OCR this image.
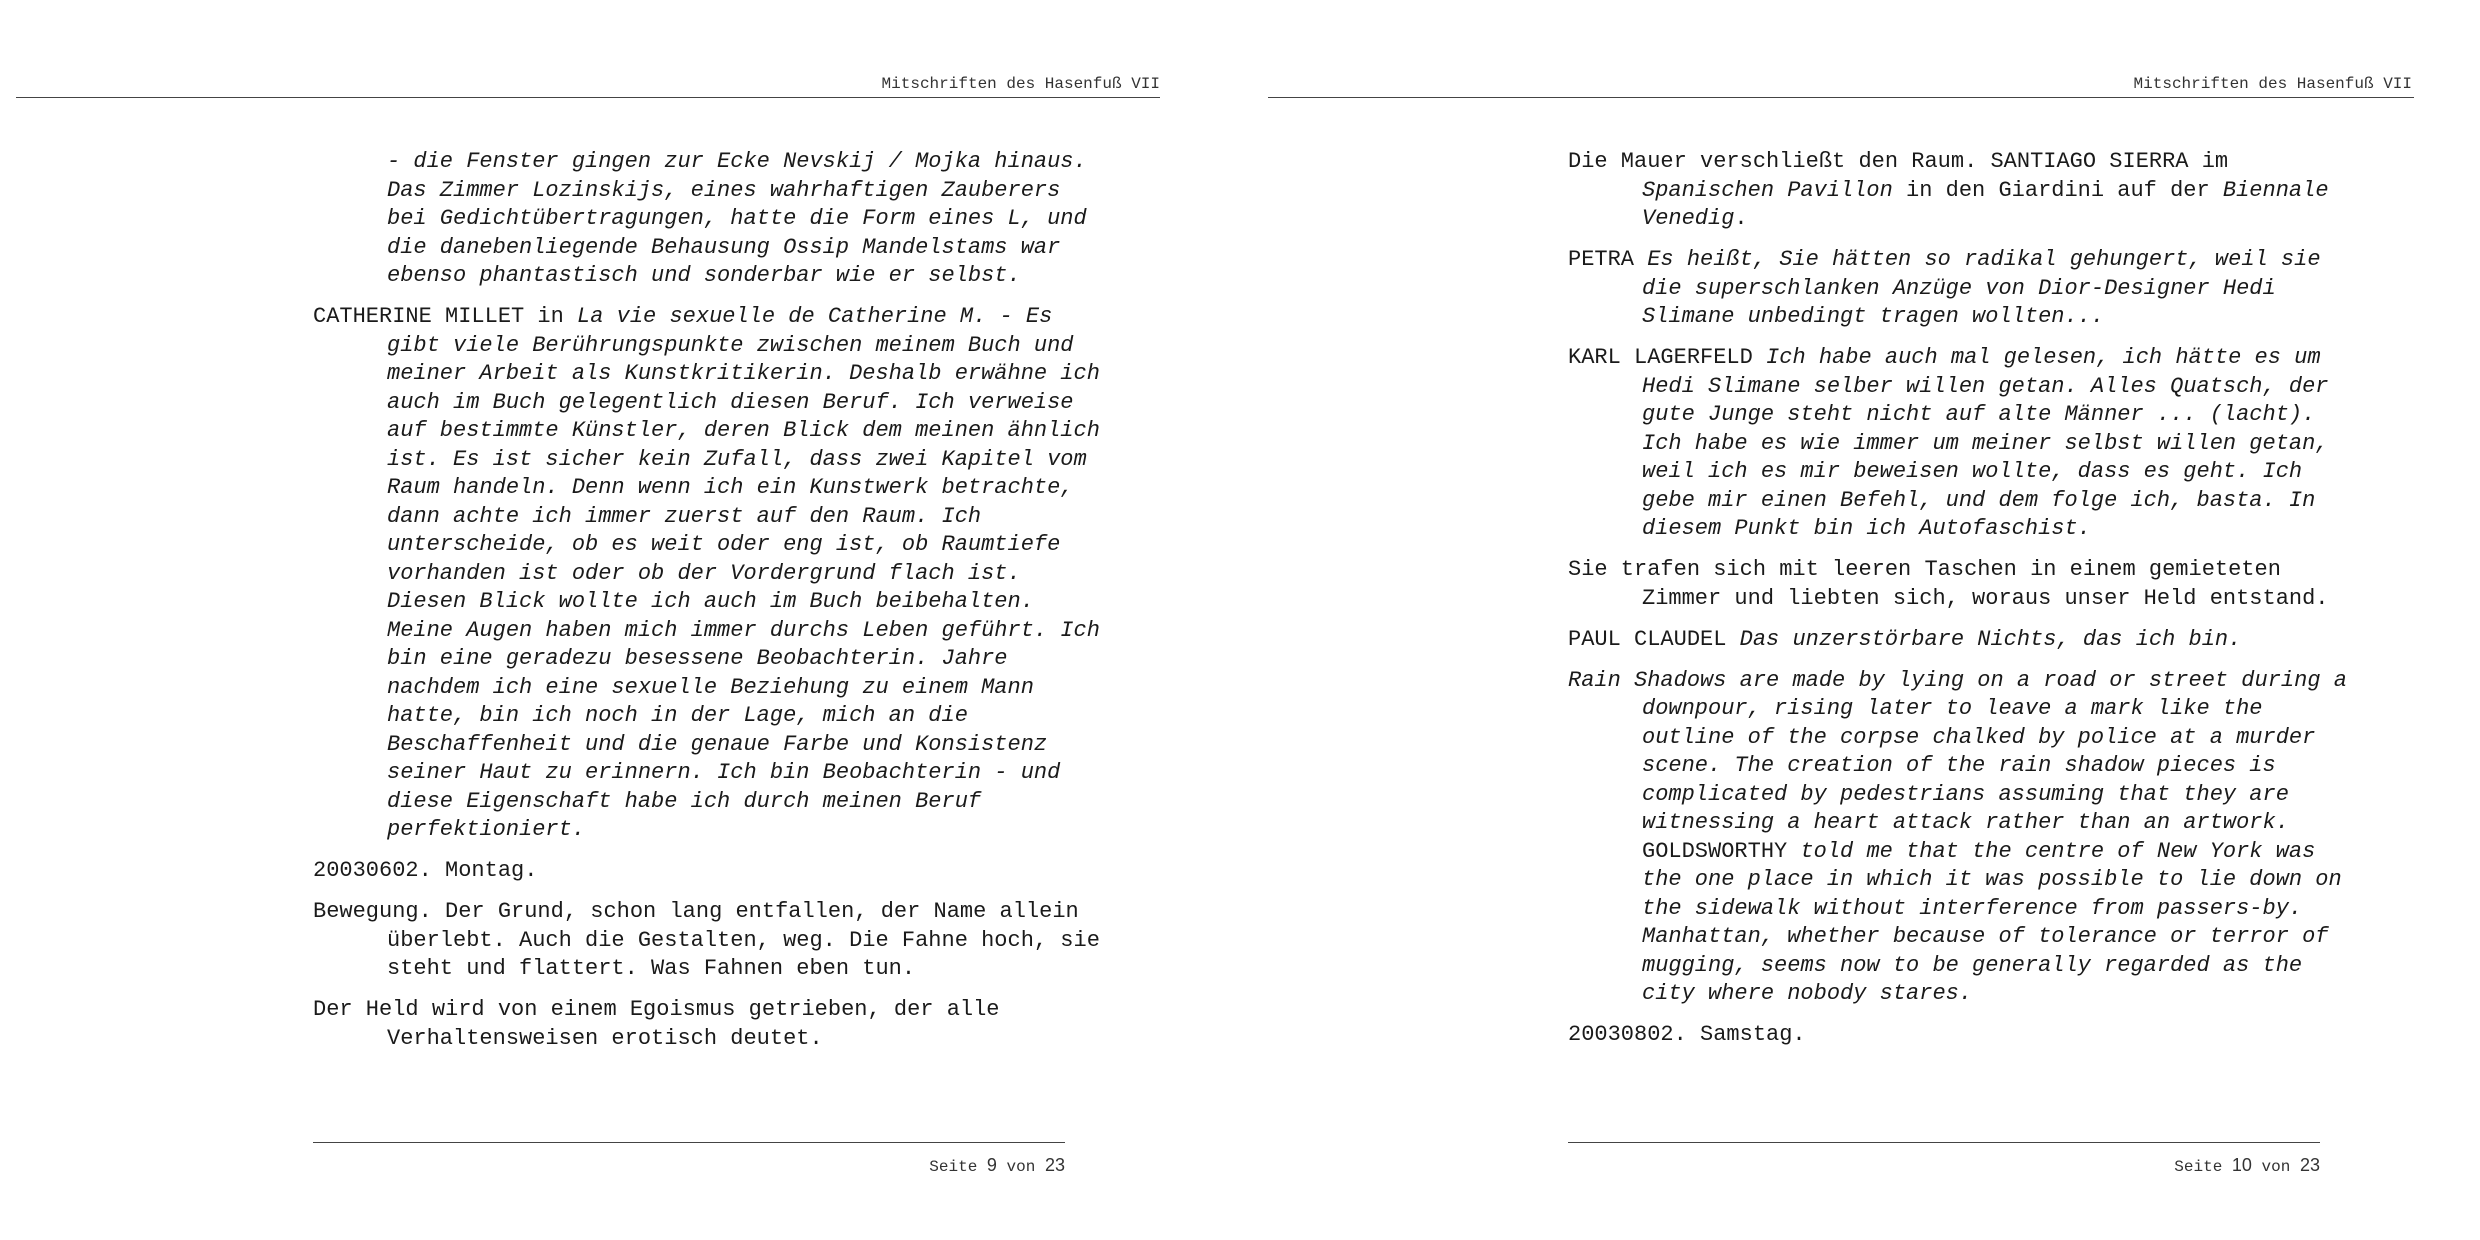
Mitschriften des Hasenfuß VII

- die Fenster gingen zur Ecke Nevskij / Mojka hinaus. Das Zimmer Lozinskijs, eines wahrhaftigen Zauberers bei Gedichtübertragungen, hatte die Form eines L, und die danebenliegende Behausung Ossip Mandelstams war ebenso phantastisch und sonderbar wie er selbst.

CATHERINE MILLET in La vie sexuelle de Catherine M. - Es gibt viele Berührungspunkte zwischen meinem Buch und meiner Arbeit als Kunstkritikerin. Deshalb erwähne ich auch im Buch gelegentlich diesen Beruf. Ich verweise auf bestimmte Künstler, deren Blick dem meinen ähnlich ist. Es ist sicher kein Zufall, dass zwei Kapitel vom Raum handeln. Denn wenn ich ein Kunstwerk betrachte, dann achte ich immer zuerst auf den Raum. Ich unterscheide, ob es weit oder eng ist, ob Raumtiefe vorhanden ist oder ob der Vordergrund flach ist. Diesen Blick wollte ich auch im Buch beibehalten. Meine Augen haben mich immer durchs Leben geführt. Ich bin eine geradezu besessene Beobachterin. Jahre nachdem ich eine sexuelle Beziehung zu einem Mann hatte, bin ich noch in der Lage, mich an die Beschaffenheit und die genaue Farbe und Konsistenz seiner Haut zu erinnern. Ich bin Beobachterin - und diese Eigenschaft habe ich durch meinen Beruf perfektioniert.

20030602. Montag.

Bewegung. Der Grund, schon lang entfallen, der Name allein überlebt. Auch die Gestalten, weg. Die Fahne hoch, sie steht und flattert. Was Fahnen eben tun.

Der Held wird von einem Egoismus getrieben, der alle Verhaltensweisen erotisch deutet.

Seite 9 von 23
Mitschriften des Hasenfuß VII

Die Mauer verschließt den Raum. SANTIAGO SIERRA im Spanischen Pavillon in den Giardini auf der Biennale Venedig.

PETRA Es heißt, Sie hätten so radikal gehungert, weil sie die superschlanken Anzüge von Dior-Designer Hedi Slimane unbedingt tragen wollten...

KARL LAGERFELD Ich habe auch mal gelesen, ich hätte es um Hedi Slimane selber willen getan. Alles Quatsch, der gute Junge steht nicht auf alte Männer ... (lacht). Ich habe es wie immer um meiner selbst willen getan, weil ich es mir beweisen wollte, dass es geht. Ich gebe mir einen Befehl, und dem folge ich, basta. In diesem Punkt bin ich Autofaschist.

Sie trafen sich mit leeren Taschen in einem gemieteten Zimmer und liebten sich, woraus unser Held entstand.

PAUL CLAUDEL Das unzerstörbare Nichts, das ich bin.

Rain Shadows are made by lying on a road or street during a downpour, rising later to leave a mark like the outline of the corpse chalked by police at a murder scene. The creation of the rain shadow pieces is complicated by pedestrians assuming that they are witnessing a heart attack rather than an artwork. GOLDSWORTHY told me that the centre of New York was the one place in which it was possible to lie down on the sidewalk without interference from passers-by. Manhattan, whether because of tolerance or terror of mugging, seems now to be generally regarded as the city where nobody stares.

20030802. Samstag.

Seite 10 von 23
